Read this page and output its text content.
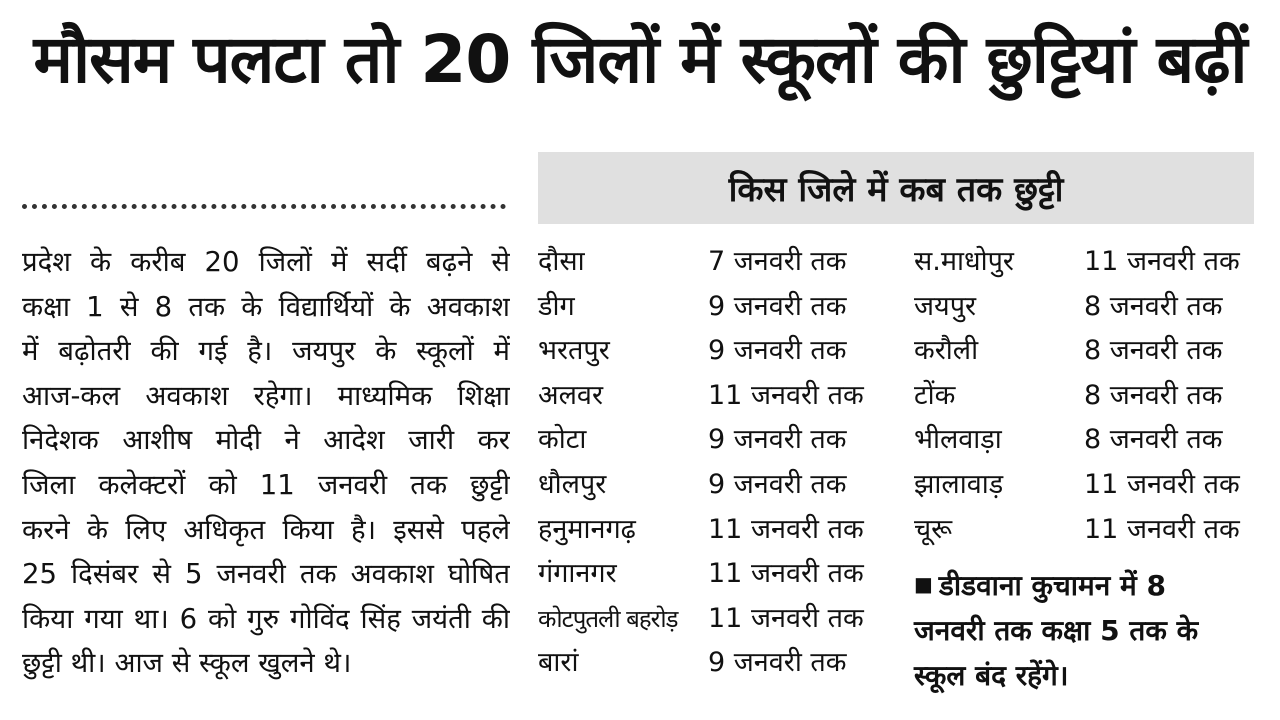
मौसम पलटा तो 20 जिलों में स्कूलों की छुट्टियां बढ़ीं
प्रदेश के करीब 20 जिलों में सर्दी बढ़ने से
कक्षा 1 से 8 तक के विद्यार्थियों के अवकाश
में बढ़ोतरी की गई है। जयपुर के स्कूलों में
आज-कल अवकाश रहेगा। माध्यमिक शिक्षा
निदेशक आशीष मोदी ने आदेश जारी कर
जिला कलेक्टरों को 11 जनवरी तक छुट्टी
करने के लिए अधिकृत किया है। इससे पहले
25 दिसंबर से 5 जनवरी तक अवकाश घोषित
किया गया था। 6 को गुरु गोविंद सिंह जयंती की
छुट्टी थी। आज से स्कूल खुलने थे।
किस जिले में कब तक छुट्टी
दौसा	7 जनवरी तक
डीग	9 जनवरी तक
भरतपुर	9 जनवरी तक
अलवर	11 जनवरी तक
कोटा	9 जनवरी तक
धौलपुर	9 जनवरी तक
हनुमानगढ़	11 जनवरी तक
गंगानगर	11 जनवरी तक
कोटपुतली बहरोड़	11 जनवरी तक
बारां	9 जनवरी तक
स.माधोपुर	11 जनवरी तक
जयपुर	8 जनवरी तक
करौली	8 जनवरी तक
टोंक	8 जनवरी तक
भीलवाड़ा	8 जनवरी तक
झालावाड़	11 जनवरी तक
चूरू	11 जनवरी तक
■ डीडवाना कुचामन में 8 जनवरी तक कक्षा 5 तक के स्कूल बंद रहेंगे।
